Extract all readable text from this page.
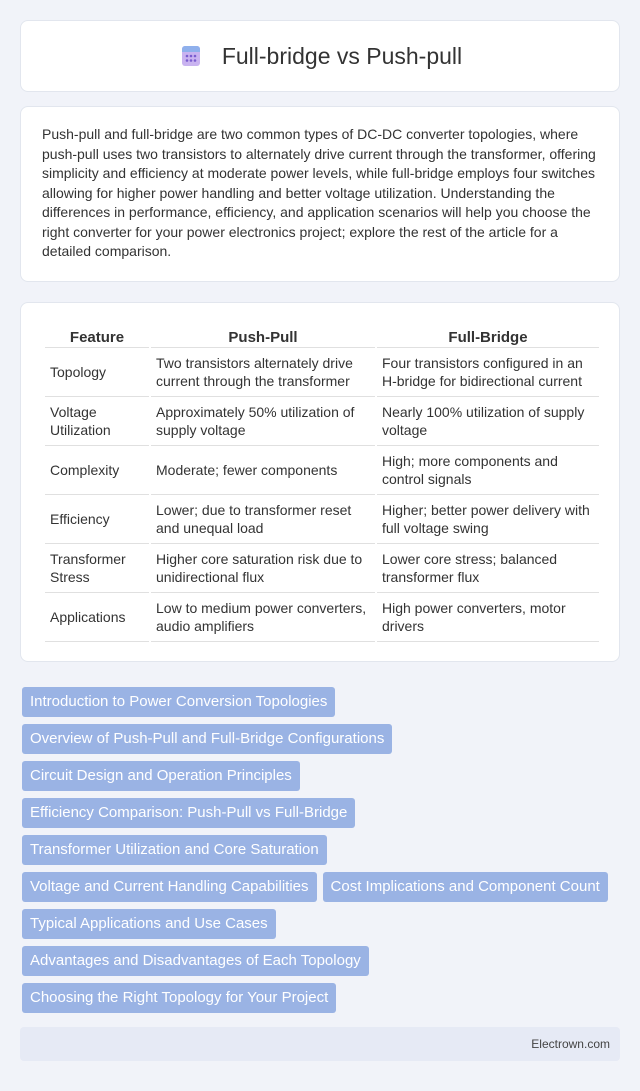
Full-bridge vs Push-pull

Push-pull and full-bridge are two common types of DC-DC converter topologies, where push-pull uses two transistors to alternately drive current through the transformer, offering simplicity and efficiency at moderate power levels, while full-bridge employs four switches allowing for higher power handling and better voltage utilization. Understanding the differences in performance, efficiency, and application scenarios will help you choose the right converter for your power electronics project; explore the rest of the article for a detailed comparison.

Feature	Push-Pull	Full-Bridge
Topology	Two transistors alternately drive current through the transformer	Four transistors configured in an H-bridge for bidirectional current
Voltage Utilization	Approximately 50% utilization of supply voltage	Nearly 100% utilization of supply voltage
Complexity	Moderate; fewer components	High; more components and control signals
Efficiency	Lower; due to transformer reset and unequal load	Higher; better power delivery with full voltage swing
Transformer Stress	Higher core saturation risk due to unidirectional flux	Lower core stress; balanced transformer flux
Applications	Low to medium power converters, audio amplifiers	High power converters, motor drivers
Introduction to Power Conversion Topologies
Overview of Push-Pull and Full-Bridge Configurations
Circuit Design and Operation Principles
Efficiency Comparison: Push-Pull vs Full-Bridge
Transformer Utilization and Core Saturation
Voltage and Current Handling Capabilities	Cost Implications and Component Count
Typical Applications and Use Cases
Advantages and Disadvantages of Each Topology
Choosing the Right Topology for Your Project
Electrown.com
